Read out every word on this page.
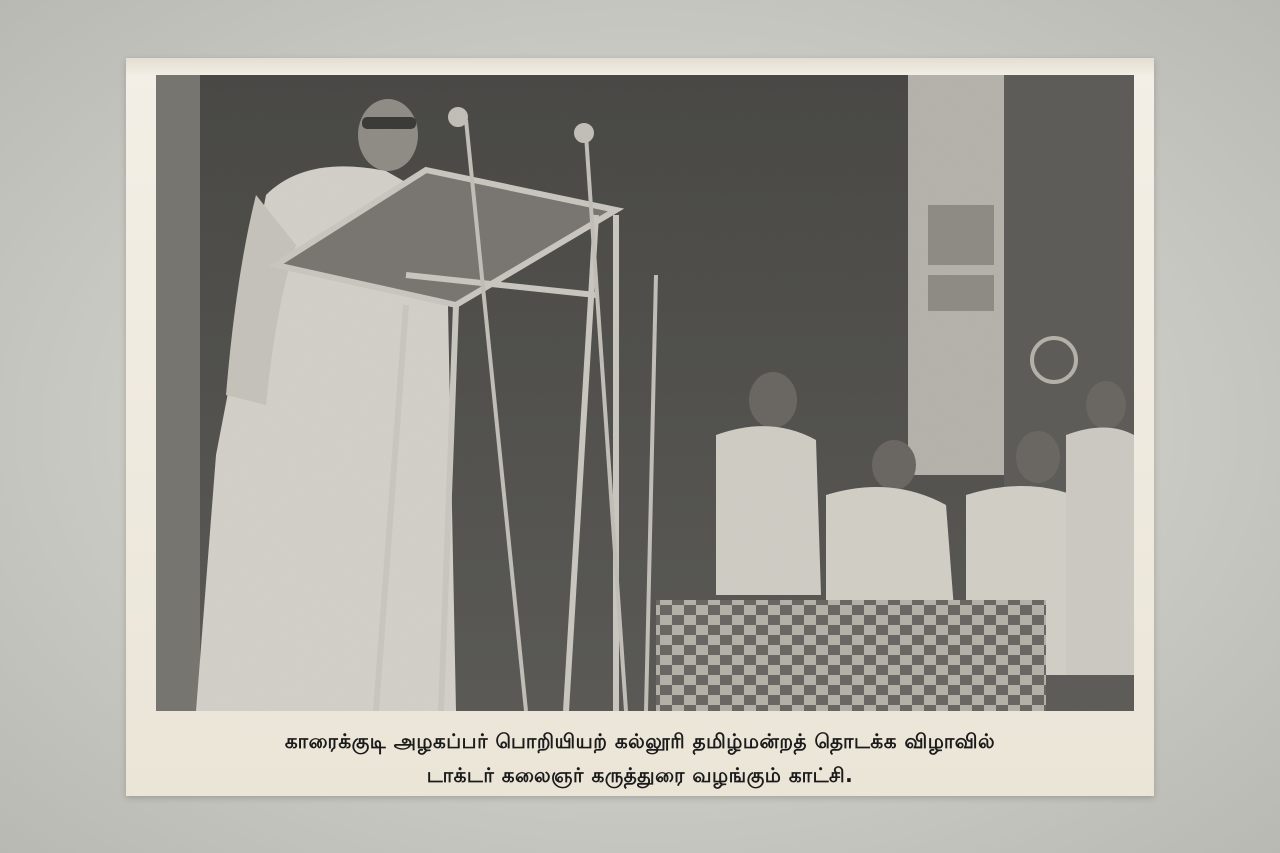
காரைக்குடி அழகப்பர் பொறியியற் கல்லூரி தமிழ்மன்றத் தொடக்க விழாவில்
டாக்டர் கலைஞர் கருத்துரை வழங்கும் காட்சி.
